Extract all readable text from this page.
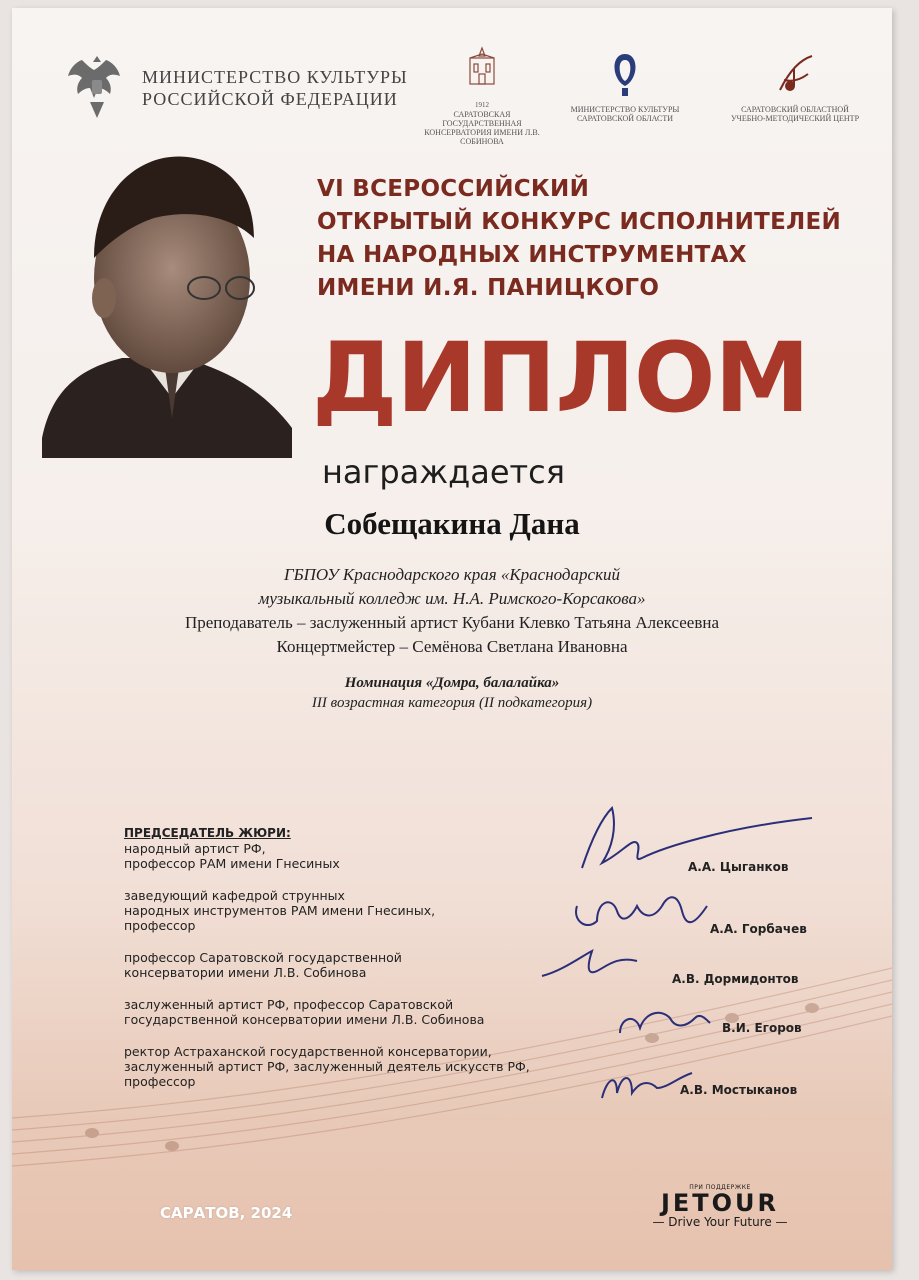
МИНИСТЕРСТВО КУЛЬТУРЫ
РОССИЙСКОЙ ФЕДЕРАЦИИ	1912
САРАТОВСКАЯ ГОСУДАРСТВЕННАЯ КОНСЕРВАТОРИЯ ИМЕНИ Л.В. СОБИНОВА
МИНИСТЕРСТВО КУЛЬТУРЫ САРАТОВСКОЙ ОБЛАСТИ
САРАТОВСКИЙ ОБЛАСТНОЙ УЧЕБНО-МЕТОДИЧЕСКИЙ ЦЕНТР
VI ВСЕРОССИЙСКИЙ
ОТКРЫТЫЙ КОНКУРС ИСПОЛНИТЕЛЕЙ
НА НАРОДНЫХ ИНСТРУМЕНТАХ
ИМЕНИ И.Я. ПАНИЦКОГО
ДИПЛОМ
награждается
Собещакина Дана
ГБПОУ Краснодарского края «Краснодарский
музыкальный колледж им. Н.А. Римского-Корсакова»
Преподаватель – заслуженный артист Кубани Клевко Татьяна Алексеевна
Концертмейстер – Семёнова Светлана Ивановна
Номинация «Домра, балалайка»
III возрастная категория (II подкатегория)
ПРЕДСЕДАТЕЛЬ ЖЮРИ:
народный артист РФ,
профессор РАМ имени Гнесиных
заведующий кафедрой струнных
народных инструментов РАМ имени Гнесиных,
профессор
профессор Саратовской государственной
консерватории имени Л.В. Собинова
заслуженный артист РФ, профессор Саратовской
государственной консерватории имени Л.В. Собинова
ректор Астраханской государственной консерватории,
заслуженный артист РФ, заслуженный деятель искусств РФ,
профессор
А.А. Цыганков
А.А. Горбачев
А.В. Дормидонтов
В.И. Егоров
А.В. Мостыканов
САРАТОВ, 2024
ПРИ ПОДДЕРЖКЕ
JETOUR
— Drive Your Future —
